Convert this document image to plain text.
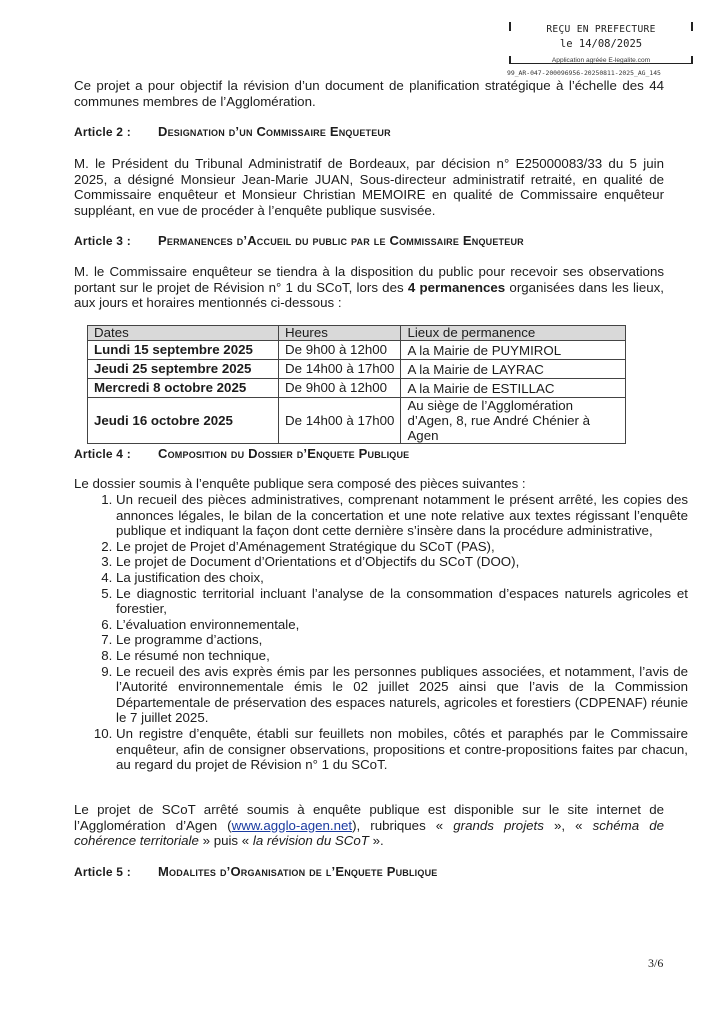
REÇU EN PREFECTURE
le 14/08/2025
Application agréée E-legalite.com
99_AR-047-200096956-20250811-2025_AG_145
Ce projet a pour objectif la révision d’un document de planification stratégique à l’échelle des 44 communes membres de l’Agglomération.
Article 2 : Designation d’un Commissaire Enqueteur
M. le Président du Tribunal Administratif de Bordeaux, par décision n° E25000083/33 du 5 juin 2025, a désigné Monsieur Jean-Marie JUAN, Sous-directeur administratif retraité, en qualité de Commissaire enquêteur et Monsieur Christian MEMOIRE en qualité de Commissaire enquêteur suppléant, en vue de procéder à l’enquête publique susvisée.
Article 3 : Permanences d’Accueil du public par le Commissaire Enqueteur
M. le Commissaire enquêteur se tiendra à la disposition du public pour recevoir ses observations portant sur le projet de Révision n° 1 du SCoT, lors des 4 permanences organisées dans les lieux, aux jours et horaires mentionnés ci-dessous :
Dates	Heures	Lieux de permanence
Lundi 15 septembre 2025	De 9h00 à 12h00	A la Mairie de PUYMIROL
Jeudi 25 septembre 2025	De 14h00 à 17h00	A la Mairie de LAYRAC
Mercredi 8 octobre 2025	De 9h00 à 12h00	A la Mairie de ESTILLAC
Jeudi 16 octobre 2025	De 14h00 à 17h00	Au siège de l’Agglomération d’Agen, 8, rue André Chénier à Agen
Article 4 : Composition du Dossier d’Enquete Publique
Le dossier soumis à l’enquête publique sera composé des pièces suivantes :
1. Un recueil des pièces administratives, comprenant notamment le présent arrêté, les copies des annonces légales, le bilan de la concertation et une note relative aux textes régissant l’enquête publique et indiquant la façon dont cette dernière s’insère dans la procédure administrative,
2. Le projet de Projet d’Aménagement Stratégique du SCoT (PAS),
3. Le projet de Document d’Orientations et d’Objectifs du SCoT (DOO),
4. La justification des choix,
5. Le diagnostic territorial incluant l’analyse de la consommation d’espaces naturels agricoles et forestier,
6. L’évaluation environnementale,
7. Le programme d’actions,
8. Le résumé non technique,
9. Le recueil des avis exprès émis par les personnes publiques associées, et notamment, l’avis de l’Autorité environnementale émis le 02 juillet 2025 ainsi que l’avis de la Commission Départementale de préservation des espaces naturels, agricoles et forestiers (CDPENAF) réunie le 7 juillet 2025.
10. Un registre d’enquête, établi sur feuillets non mobiles, côtés et paraphés par le Commissaire enquêteur, afin de consigner observations, propositions et contre-propositions faites par chacun, au regard du projet de Révision n° 1 du SCoT.
Le projet de SCoT arrêté soumis à enquête publique est disponible sur le site internet de l’Agglomération d’Agen (www.agglo-agen.net), rubriques « grands projets », « schéma de cohérence territoriale » puis « la révision du SCoT ».
Article 5 : Modalites d’Organisation de l’Enquete Publique
3/6
